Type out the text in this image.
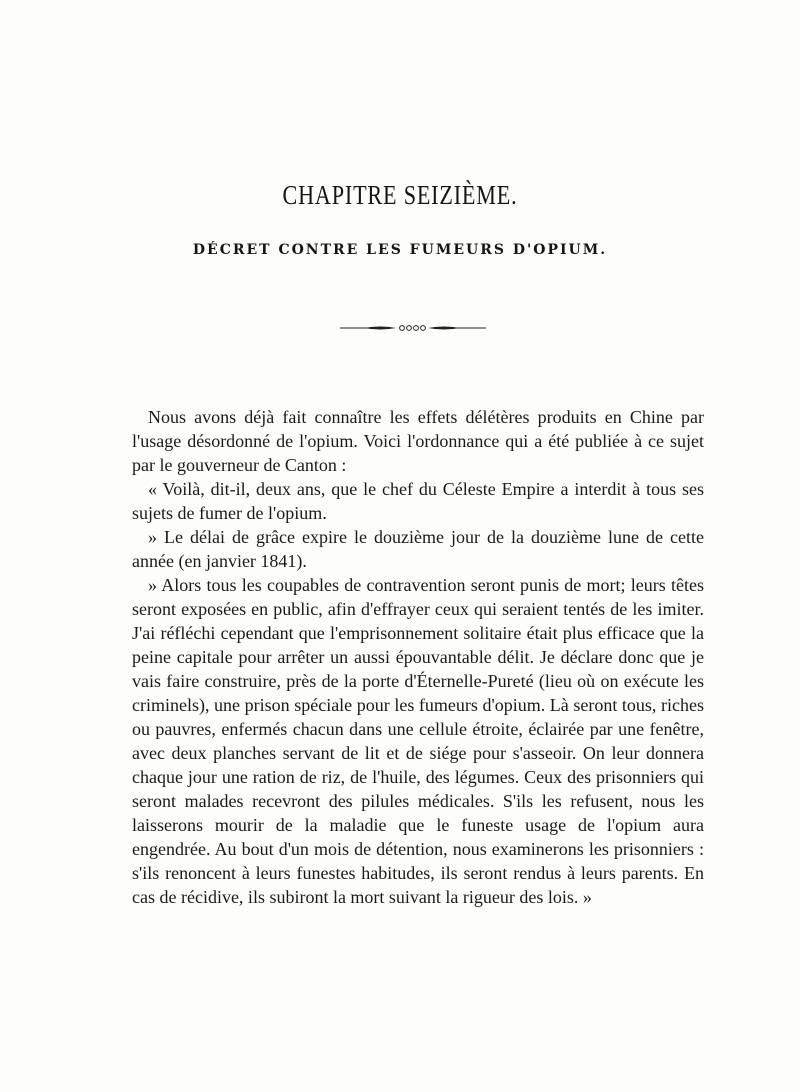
CHAPITRE SEIZIÈME.
DÉCRET CONTRE LES FUMEURS D'OPIUM.

Nous avons déjà fait connaître les effets délétères produits en Chine par l'usage désordonné de l'opium. Voici l'ordonnance qui a été publiée à ce sujet par le gouverneur de Canton :

« Voilà, dit-il, deux ans, que le chef du Céleste Empire a interdit à tous ses sujets de fumer de l'opium.

» Le délai de grâce expire le douzième jour de la douzième lune de cette année (en janvier 1841).

» Alors tous les coupables de contravention seront punis de mort; leurs têtes seront exposées en public, afin d'effrayer ceux qui seraient tentés de les imiter. J'ai réfléchi cependant que l'emprisonnement solitaire était plus efficace que la peine capitale pour arrêter un aussi épouvantable délit. Je déclare donc que je vais faire construire, près de la porte d'Éternelle-Pureté (lieu où on exécute les criminels), une prison spéciale pour les fumeurs d'opium. Là seront tous, riches ou pauvres, enfermés chacun dans une cellule étroite, éclairée par une fenêtre, avec deux planches servant de lit et de siége pour s'asseoir. On leur donnera chaque jour une ration de riz, de l'huile, des légumes. Ceux des prisonniers qui seront malades recevront des pilules médicales. S'ils les refusent, nous les laisserons mourir de la maladie que le funeste usage de l'opium aura engendrée. Au bout d'un mois de détention, nous examinerons les prisonniers : s'ils renoncent à leurs funestes habitudes, ils seront rendus à leurs parents. En cas de récidive, ils subiront la mort suivant la rigueur des lois. »
